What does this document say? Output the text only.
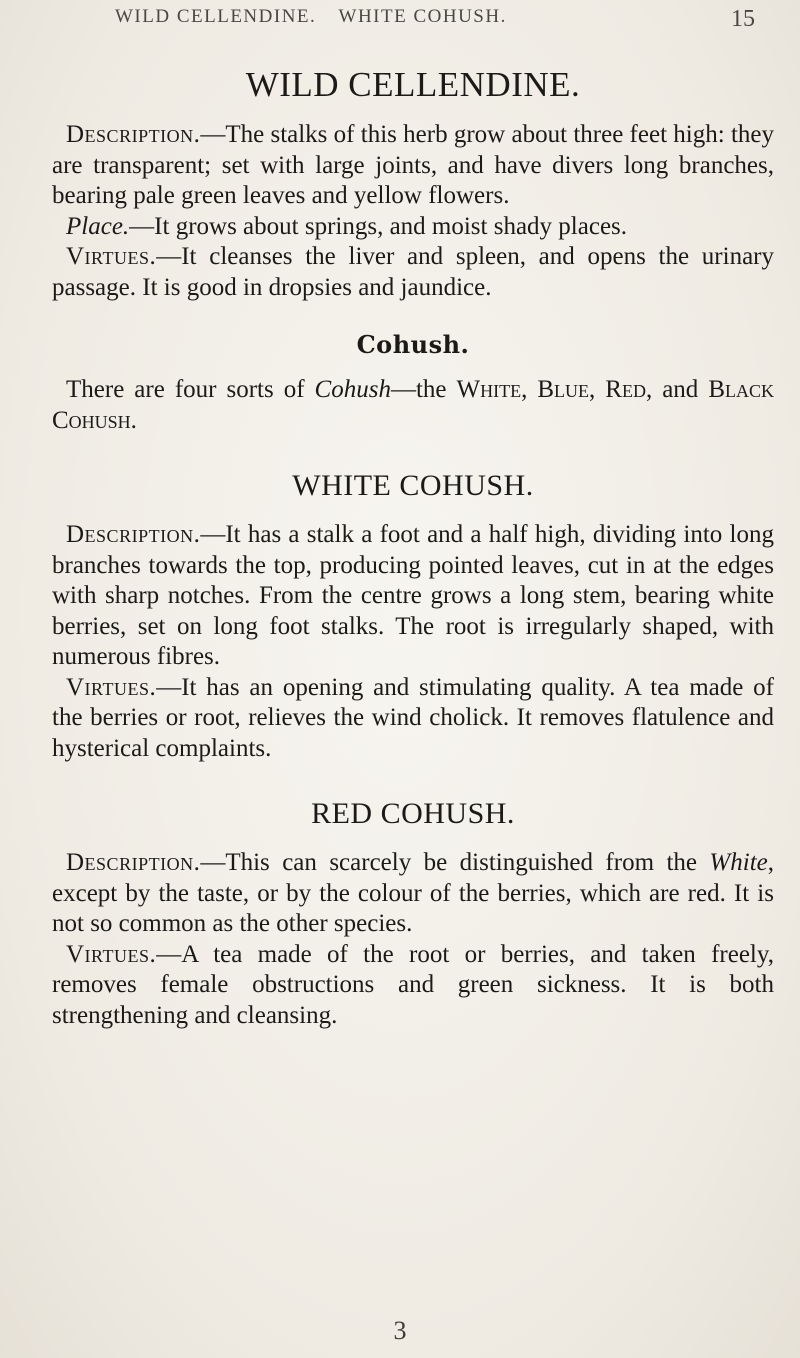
WILD CELLENDINE. WHITE COHUSH.	15
WILD CELLENDINE.

Description.—The stalks of this herb grow about three feet high: they are transparent; set with large joints, and have divers long branches, bearing pale green leaves and yellow flowers.

Place.—It grows about springs, and moist shady places.

Virtues.—It cleanses the liver and spleen, and opens the urinary passage. It is good in dropsies and jaundice.

Cohush.

There are four sorts of Cohush—the White, Blue, Red, and Black Cohush.

WHITE COHUSH.

Description.—It has a stalk a foot and a half high, dividing into long branches towards the top, producing pointed leaves, cut in at the edges with sharp notches. From the centre grows a long stem, bearing white berries, set on long foot stalks. The root is irregularly shaped, with numerous fibres.

Virtues.—It has an opening and stimulating quality. A tea made of the berries or root, relieves the wind cholick. It removes flatulence and hysterical complaints.

RED COHUSH.

Description.—This can scarcely be distinguished from the White, except by the taste, or by the colour of the berries, which are red. It is not so common as the other species.

Virtues.—A tea made of the root or berries, and taken freely, removes female obstructions and green sickness. It is both strengthening and cleansing.

3
